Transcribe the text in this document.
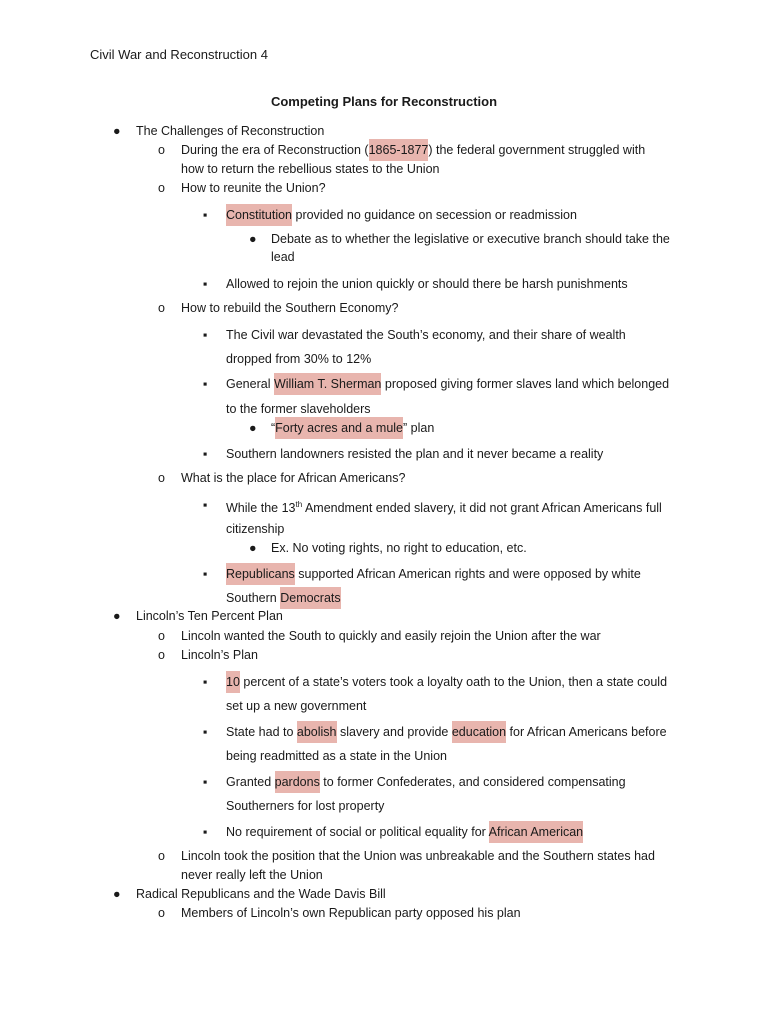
Civil War and Reconstruction 4
Competing Plans for Reconstruction
● The Challenges of Reconstruction
o During the era of Reconstruction (1865-1877) the federal government struggled with
how to return the rebellious states to the Union
o How to reunite the Union?
▪ Constitution provided no guidance on secession or readmission
● Debate as to whether the legislative or executive branch should take the
lead
▪ Allowed to rejoin the union quickly or should there be harsh punishments
o How to rebuild the Southern Economy?
▪ The Civil war devastated the South’s economy, and their share of wealth
dropped from 30% to 12%
▪ General William T. Sherman proposed giving former slaves land which belonged
to the former slaveholders
● “Forty acres and a mule” plan
▪ Southern landowners resisted the plan and it never became a reality
o What is the place for African Americans?
▪ While the 13th Amendment ended slavery, it did not grant African Americans full
citizenship
● Ex. No voting rights, no right to education, etc.
▪ Republicans supported African American rights and were opposed by white
Southern Democrats
● Lincoln’s Ten Percent Plan
o Lincoln wanted the South to quickly and easily rejoin the Union after the war
o Lincoln’s Plan
▪ 10 percent of a state’s voters took a loyalty oath to the Union, then a state could
set up a new government
▪ State had to abolish slavery and provide education for African Americans before
being readmitted as a state in the Union
▪ Granted pardons to former Confederates, and considered compensating
Southerners for lost property
▪ No requirement of social or political equality for African American
o Lincoln took the position that the Union was unbreakable and the Southern states had
never really left the Union
● Radical Republicans and the Wade Davis Bill
o Members of Lincoln’s own Republican party opposed his plan
